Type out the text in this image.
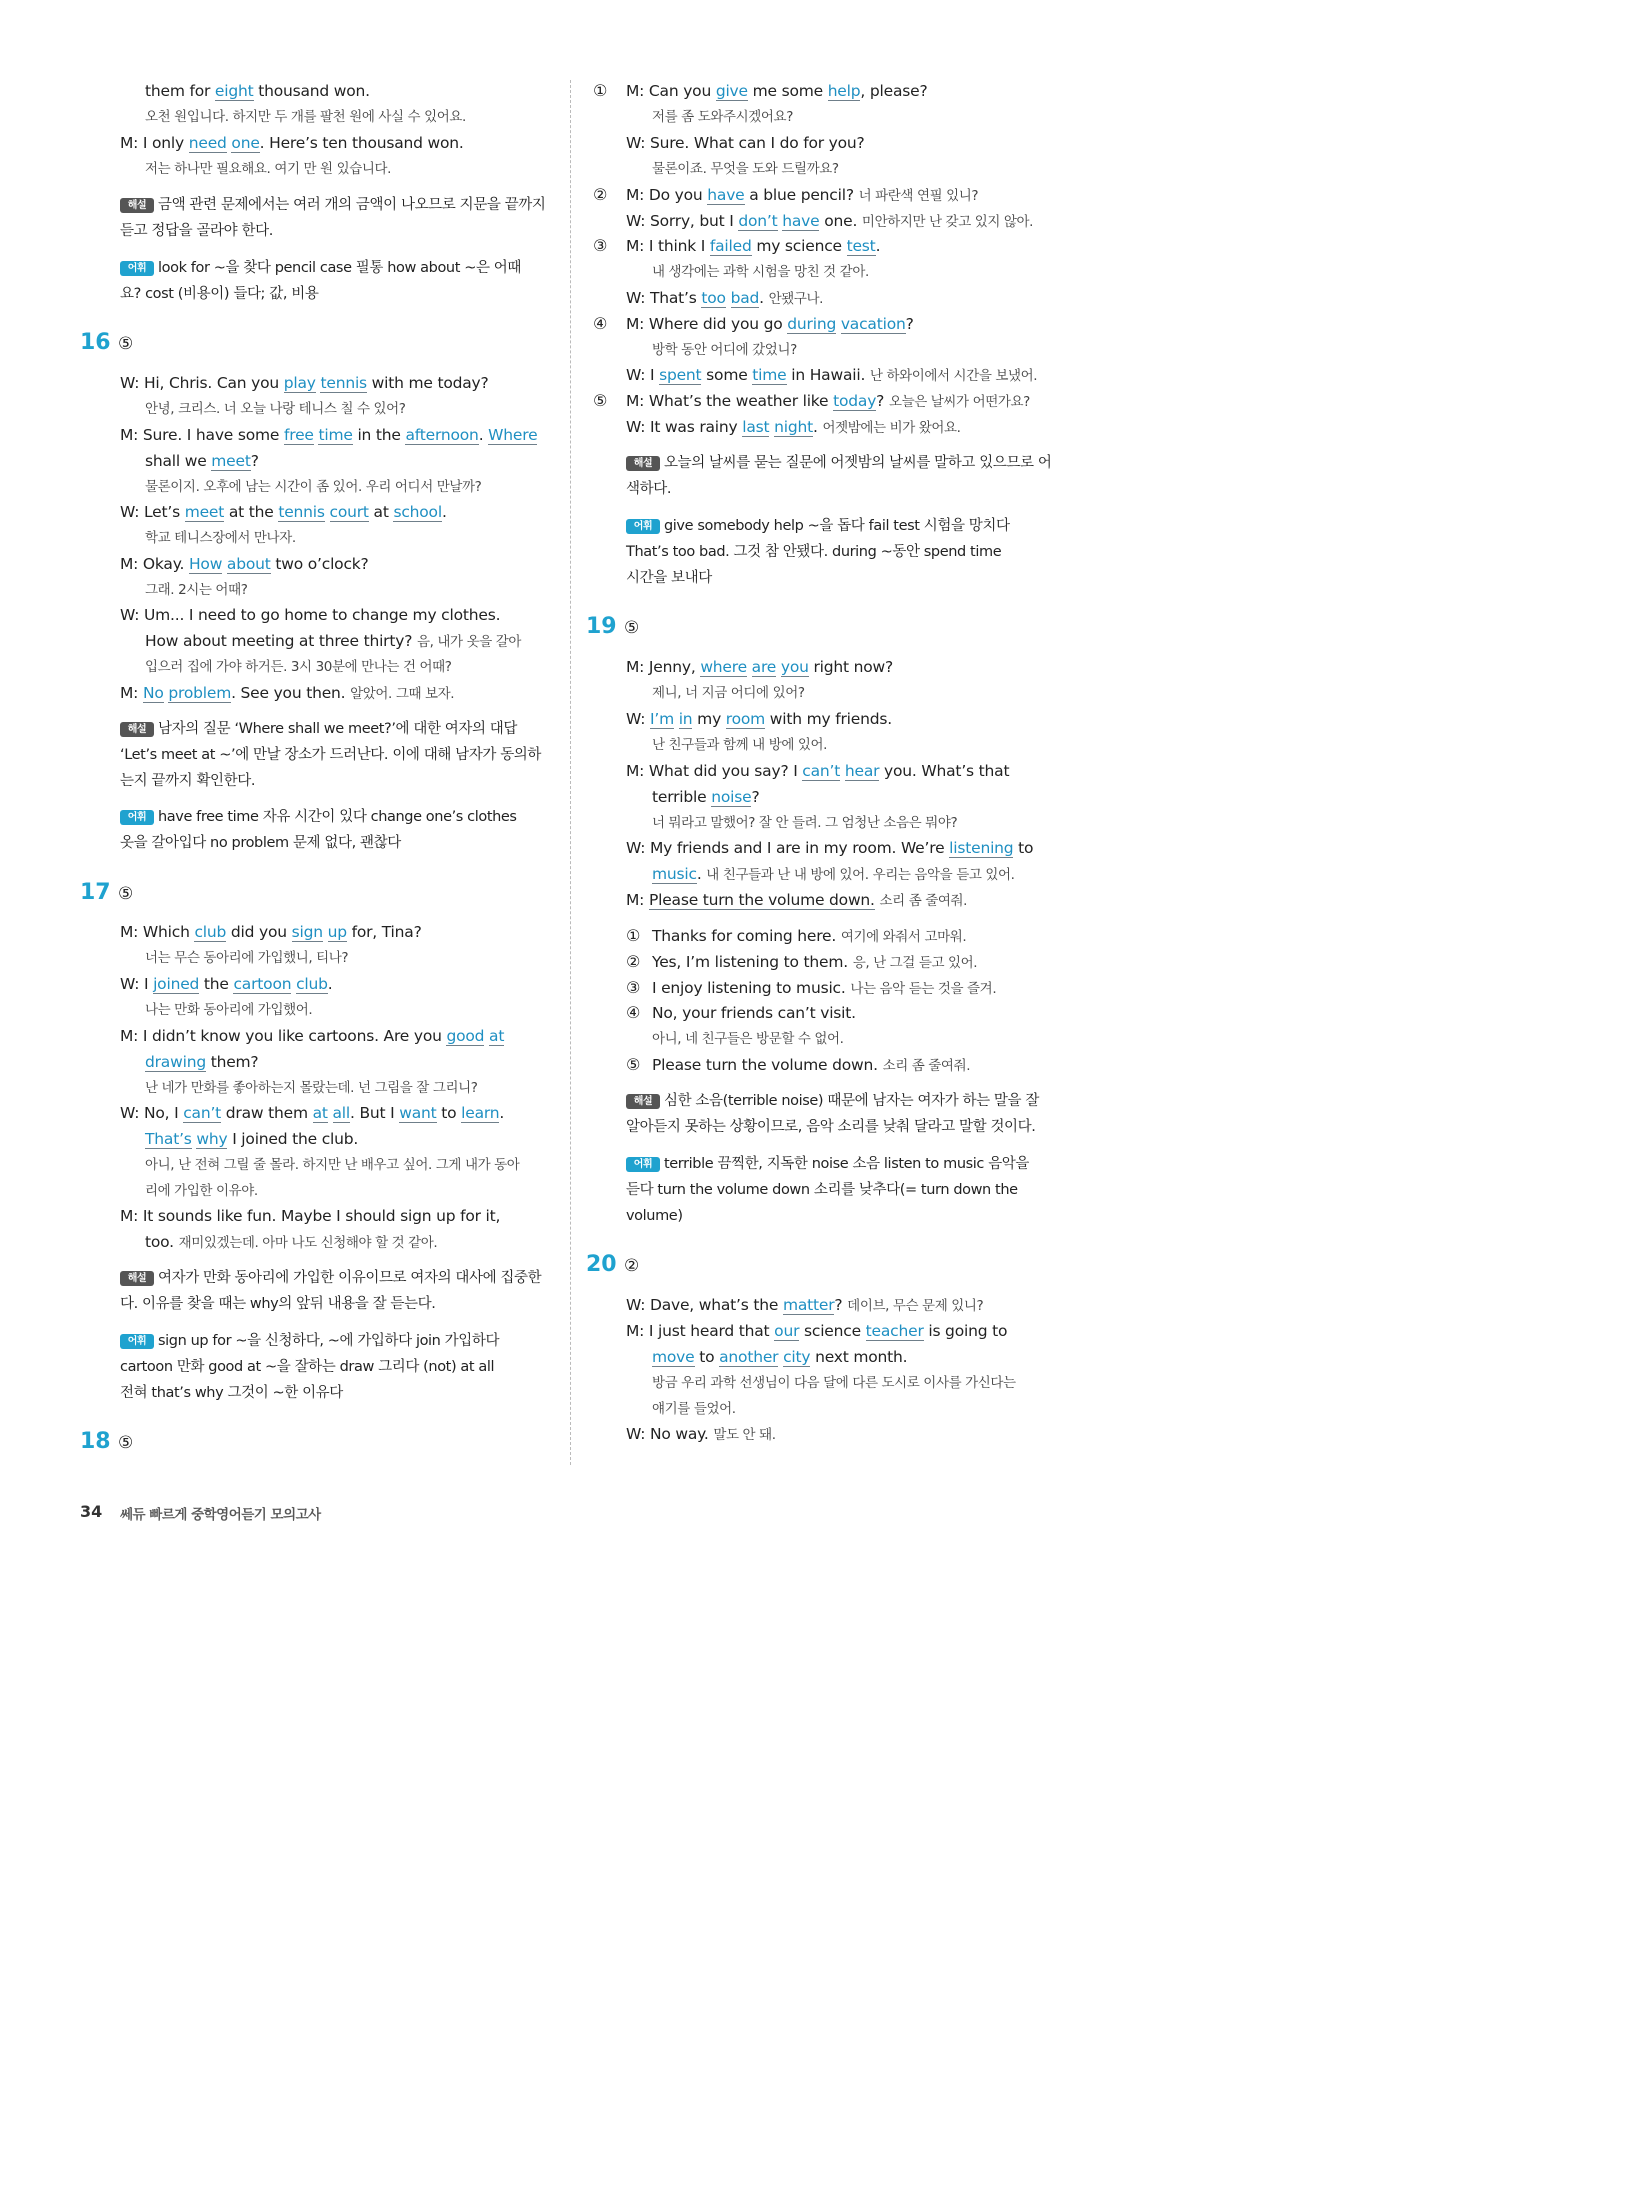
them for eight thousand won.
오천 원입니다. 하지만 두 개를 팔천 원에 사실 수 있어요.
M: I only need one. Here’s ten thousand won.
저는 하나만 필요해요. 여기 만 원 있습니다.
해설 금액 관련 문제에서는 여러 개의 금액이 나오므로 지문을 끝까지
듣고 정답을 골라야 한다.
어휘 look for ~을 찾다 pencil case 필통 how about ~은 어때
요? cost (비용이) 들다; 값, 비용
16 ⑤
W: Hi, Chris. Can you play tennis with me today?
안녕, 크리스. 너 오늘 나랑 테니스 칠 수 있어?
M: Sure. I have some free time in the afternoon. Where
shall we meet?
물론이지. 오후에 남는 시간이 좀 있어. 우리 어디서 만날까?
W: Let’s meet at the tennis court at school.
학교 테니스장에서 만나자.
M: Okay. How about two o’clock?
그래. 2시는 어때?
W: Um... I need to go home to change my clothes.
How about meeting at three thirty? 음, 내가 옷을 갈아
입으러 집에 가야 하거든. 3시 30분에 만나는 건 어때?
M: No problem. See you then. 알았어. 그때 보자.
해설 남자의 질문 ‘Where shall we meet?’에 대한 여자의 대답
‘Let’s meet at ~’에 만날 장소가 드러난다. 이에 대해 남자가 동의하
는지 끝까지 확인한다.
어휘 have free time 자유 시간이 있다 change one’s clothes
옷을 갈아입다 no problem 문제 없다, 괜찮다
17 ⑤
M: Which club did you sign up for, Tina?
너는 무슨 동아리에 가입했니, 티나?
W: I joined the cartoon club.
나는 만화 동아리에 가입했어.
M: I didn’t know you like cartoons. Are you good at
drawing them?
난 네가 만화를 좋아하는지 몰랐는데. 넌 그림을 잘 그리니?
W: No, I can’t draw them at all. But I want to learn.
That’s why I joined the club.
아니, 난 전혀 그릴 줄 몰라. 하지만 난 배우고 싶어. 그게 내가 동아
리에 가입한 이유야.
M: It sounds like fun. Maybe I should sign up for it,
too. 재미있겠는데. 아마 나도 신청해야 할 것 같아.
해설 여자가 만화 동아리에 가입한 이유이므로 여자의 대사에 집중한
다. 이유를 찾을 때는 why의 앞뒤 내용을 잘 듣는다.
어휘 sign up for ~을 신청하다, ~에 가입하다 join 가입하다
cartoon 만화 good at ~을 잘하는 draw 그리다 (not) at all
전혀 that’s why 그것이 ~한 이유다
18 ⑤
① M: Can you give me some help, please?
저를 좀 도와주시겠어요?
W: Sure. What can I do for you?
물론이죠. 무엇을 도와 드릴까요?
② M: Do you have a blue pencil? 너 파란색 연필 있니?
W: Sorry, but I don’t have one. 미안하지만 난 갖고 있지 않아.
③ M: I think I failed my science test.
내 생각에는 과학 시험을 망친 것 같아.
W: That’s too bad. 안됐구나.
④ M: Where did you go during vacation?
방학 동안 어디에 갔었니?
W: I spent some time in Hawaii. 난 하와이에서 시간을 보냈어.
⑤ M: What’s the weather like today? 오늘은 날씨가 어떤가요?
W: It was rainy last night. 어젯밤에는 비가 왔어요.
해설 오늘의 날씨를 묻는 질문에 어젯밤의 날씨를 말하고 있으므로 어
색하다.
어휘 give somebody help ~을 돕다 fail test 시험을 망치다
That’s too bad. 그것 참 안됐다. during ~동안 spend time
시간을 보내다
19 ⑤
M: Jenny, where are you right now?
제니, 너 지금 어디에 있어?
W: I’m in my room with my friends.
난 친구들과 함께 내 방에 있어.
M: What did you say? I can’t hear you. What’s that
terrible noise?
너 뭐라고 말했어? 잘 안 들려. 그 엄청난 소음은 뭐야?
W: My friends and I are in my room. We’re listening to
music. 내 친구들과 난 내 방에 있어. 우리는 음악을 듣고 있어.
M: Please turn the volume down. 소리 좀 줄여줘.
① Thanks for coming here. 여기에 와줘서 고마워.
② Yes, I’m listening to them. 응, 난 그걸 듣고 있어.
③ I enjoy listening to music. 나는 음악 듣는 것을 즐겨.
④ No, your friends can’t visit.
아니, 네 친구들은 방문할 수 없어.
⑤ Please turn the volume down. 소리 좀 줄여줘.
해설 심한 소음(terrible noise) 때문에 남자는 여자가 하는 말을 잘
알아듣지 못하는 상황이므로, 음악 소리를 낮춰 달라고 말할 것이다.
어휘 terrible 끔찍한, 지독한 noise 소음 listen to music 음악을
듣다 turn the volume down 소리를 낮추다(= turn down the
volume)
20 ②
W: Dave, what’s the matter? 데이브, 무슨 문제 있니?
M: I just heard that our science teacher is going to
move to another city next month.
방금 우리 과학 선생님이 다음 달에 다른 도시로 이사를 가신다는
얘기를 들었어.
W: No way. 말도 안 돼.
34 쎄듀 빠르게 중학영어듣기 모의고사
